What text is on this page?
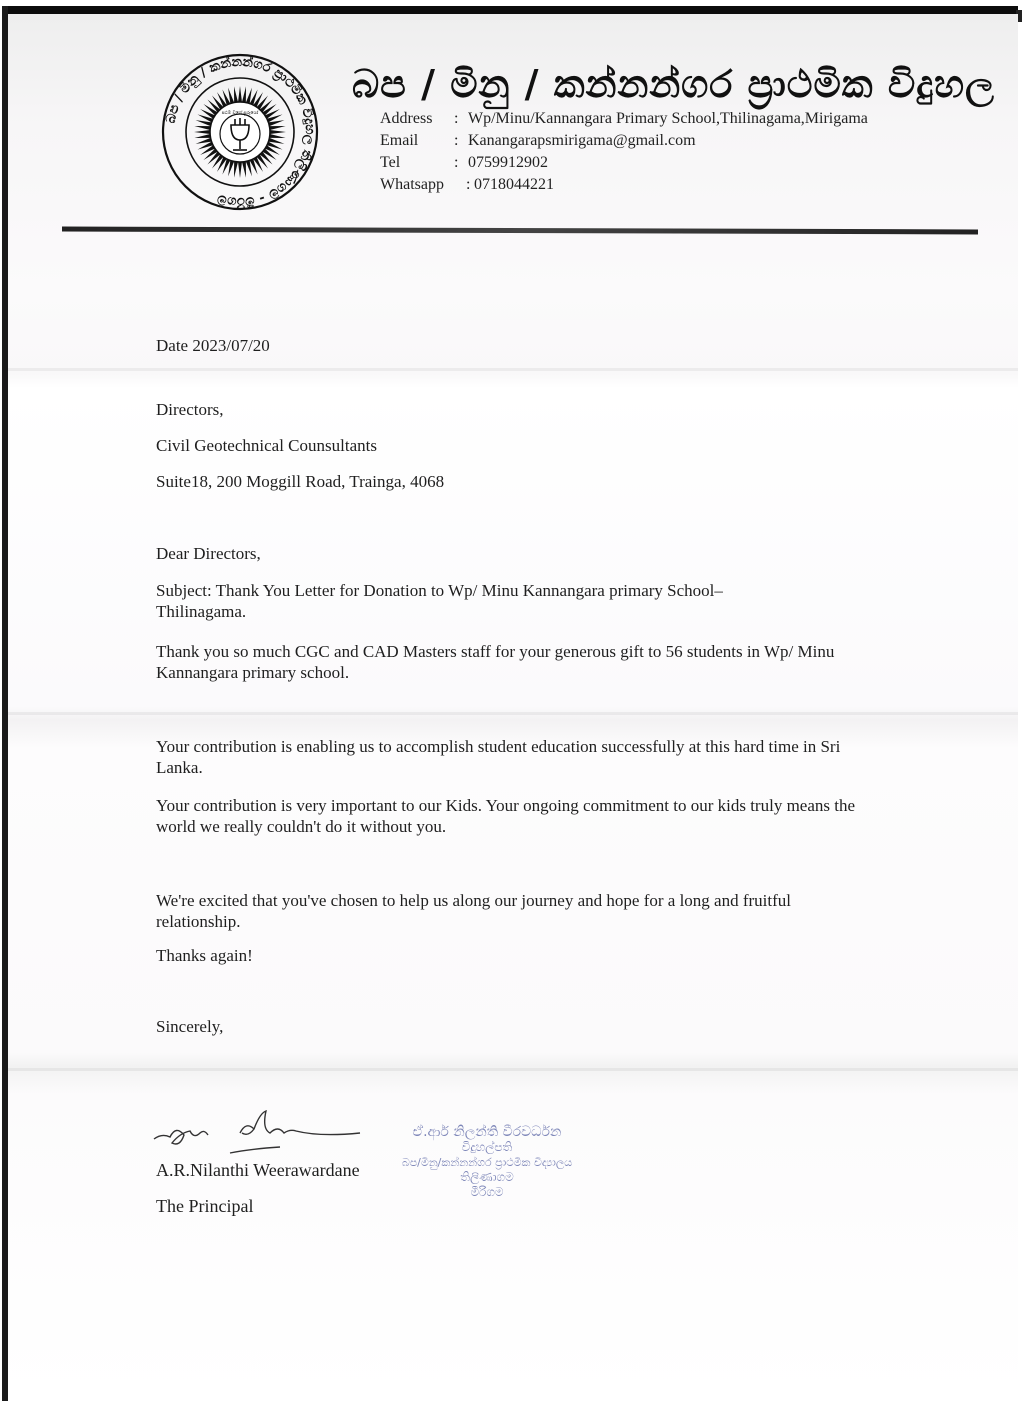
බප / මිනු / කන්නන්ගර ප්‍රාථමික විදුහල තිලිණාගම - මීරිගම
පඨම වගේ සුරුයෝ
බප / මිනු / කන්නන්ගර ප්‍රාථමික විදුහල
Address	: Wp/Minu/Kannangara Primary School,Thilinagama,Mirigama
Email	: Kanangarapsmirigama@gmail.com
Tel	: 0759912902
Whatsapp	: 0718044221
Date 2023/07/20
Directors,
Civil Geotechnical Counsultants
Suite18, 200 Moggill Road, Trainga, 4068
Dear Directors,
Subject: Thank You Letter for Donation to Wp/ Minu Kannangara primary School–Thilinagama.
Thank you so much CGC and CAD Masters staff for your generous gift to 56 students in Wp/ Minu Kannangara primary school.
Your contribution is enabling us to accomplish student education successfully at this hard time in Sri Lanka.
Your contribution is very important to our Kids. Your ongoing commitment to our kids truly means the world we really couldn't do it without you.
We're excited that you've chosen to help us along our journey and hope for a long and fruitful relationship.
Thanks again!
Sincerely,
ඒ.ආර් නිලන්ති වීරවර්ධන
විදුහල්පති
බප/මිනු/කන්නන්ගර ප්‍රාථමික විද්‍යාලය
තිලිණාගම
මීරිගම
A.R.Nilanthi Weerawardane
The Principal
